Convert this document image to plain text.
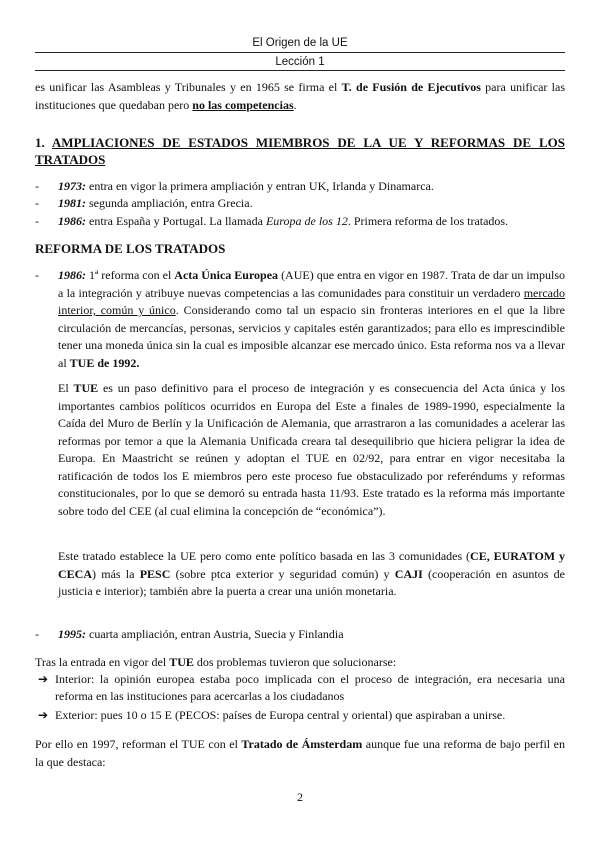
El Origen de la UE
Lección 1

es unificar las Asambleas y Tribunales y en 1965 se firma el T. de Fusión de Ejecutivos para unificar las instituciones que quedaban pero no las competencias.

1. AMPLIACIONES DE ESTADOS MIEMBROS DE LA UE Y REFORMAS DE LOS TRATADOS
-	1973: entra en vigor la primera ampliación y entran UK, Irlanda y Dinamarca.
-	1981: segunda ampliación, entra Grecia.
-	1986: entra España y Portugal. La llamada Europa de los 12. Primera reforma de los tratados.
REFORMA DE LOS TRATADOS
-	1986: 1ª reforma con el Acta Única Europea (AUE) que entra en vigor en 1987. Trata de dar un impulso a la integración y atribuye nuevas competencias a las comunidades para constituir un verdadero mercado interior, común y único. Considerando como tal un espacio sin fronteras interiores en el que la libre circulación de mercancías, personas, servicios y capitales estén garantizados; para ello es imprescindible tener una moneda única sin la cual es imposible alcanzar ese mercado único. Esta reforma nos va a llevar al TUE de 1992.

El TUE es un paso definitivo para el proceso de integración y es consecuencia del Acta única y los importantes cambios políticos ocurridos en Europa del Este a finales de 1989-1990, especialmente la Caída del Muro de Berlín y la Unificación de Alemania, que arrastraron a las comunidades a acelerar las reformas por temor a que la Alemania Unificada creara tal desequilibrio que hiciera peligrar la idea de Europa. En Maastricht se reúnen y adoptan el TUE en 02/92, para entrar en vigor necesitaba la ratificación de todos los E miembros pero este proceso fue obstaculizado por referéndums y reformas constitucionales, por lo que se demoró su entrada hasta 11/93. Este tratado es la reforma más importante sobre todo del CEE (al cual elimina la concepción de “económica”).

Este tratado establece la UE pero como ente político basada en las 3 comunidades (CE, EURATOM y CECA) más la PESC (sobre ptca exterior y seguridad común) y CAJI (cooperación en asuntos de justicia e interior); también abre la puerta a crear una unión monetaria.

-	1995: cuarta ampliación, entran Austria, Suecia y Finlandia

Tras la entrada en vigor del TUE dos problemas tuvieron que solucionarse:

➔ Interior: la opinión europea estaba poco implicada con el proceso de integración, era necesaria una reforma en las instituciones para acercarlas a los ciudadanos
➔ Exterior: pues 10 o 15 E (PECOS: países de Europa central y oriental) que aspiraban a unirse.

Por ello en 1997, reforman el TUE con el Tratado de Ámsterdam aunque fue una reforma de bajo perfil en la que destaca:

2
